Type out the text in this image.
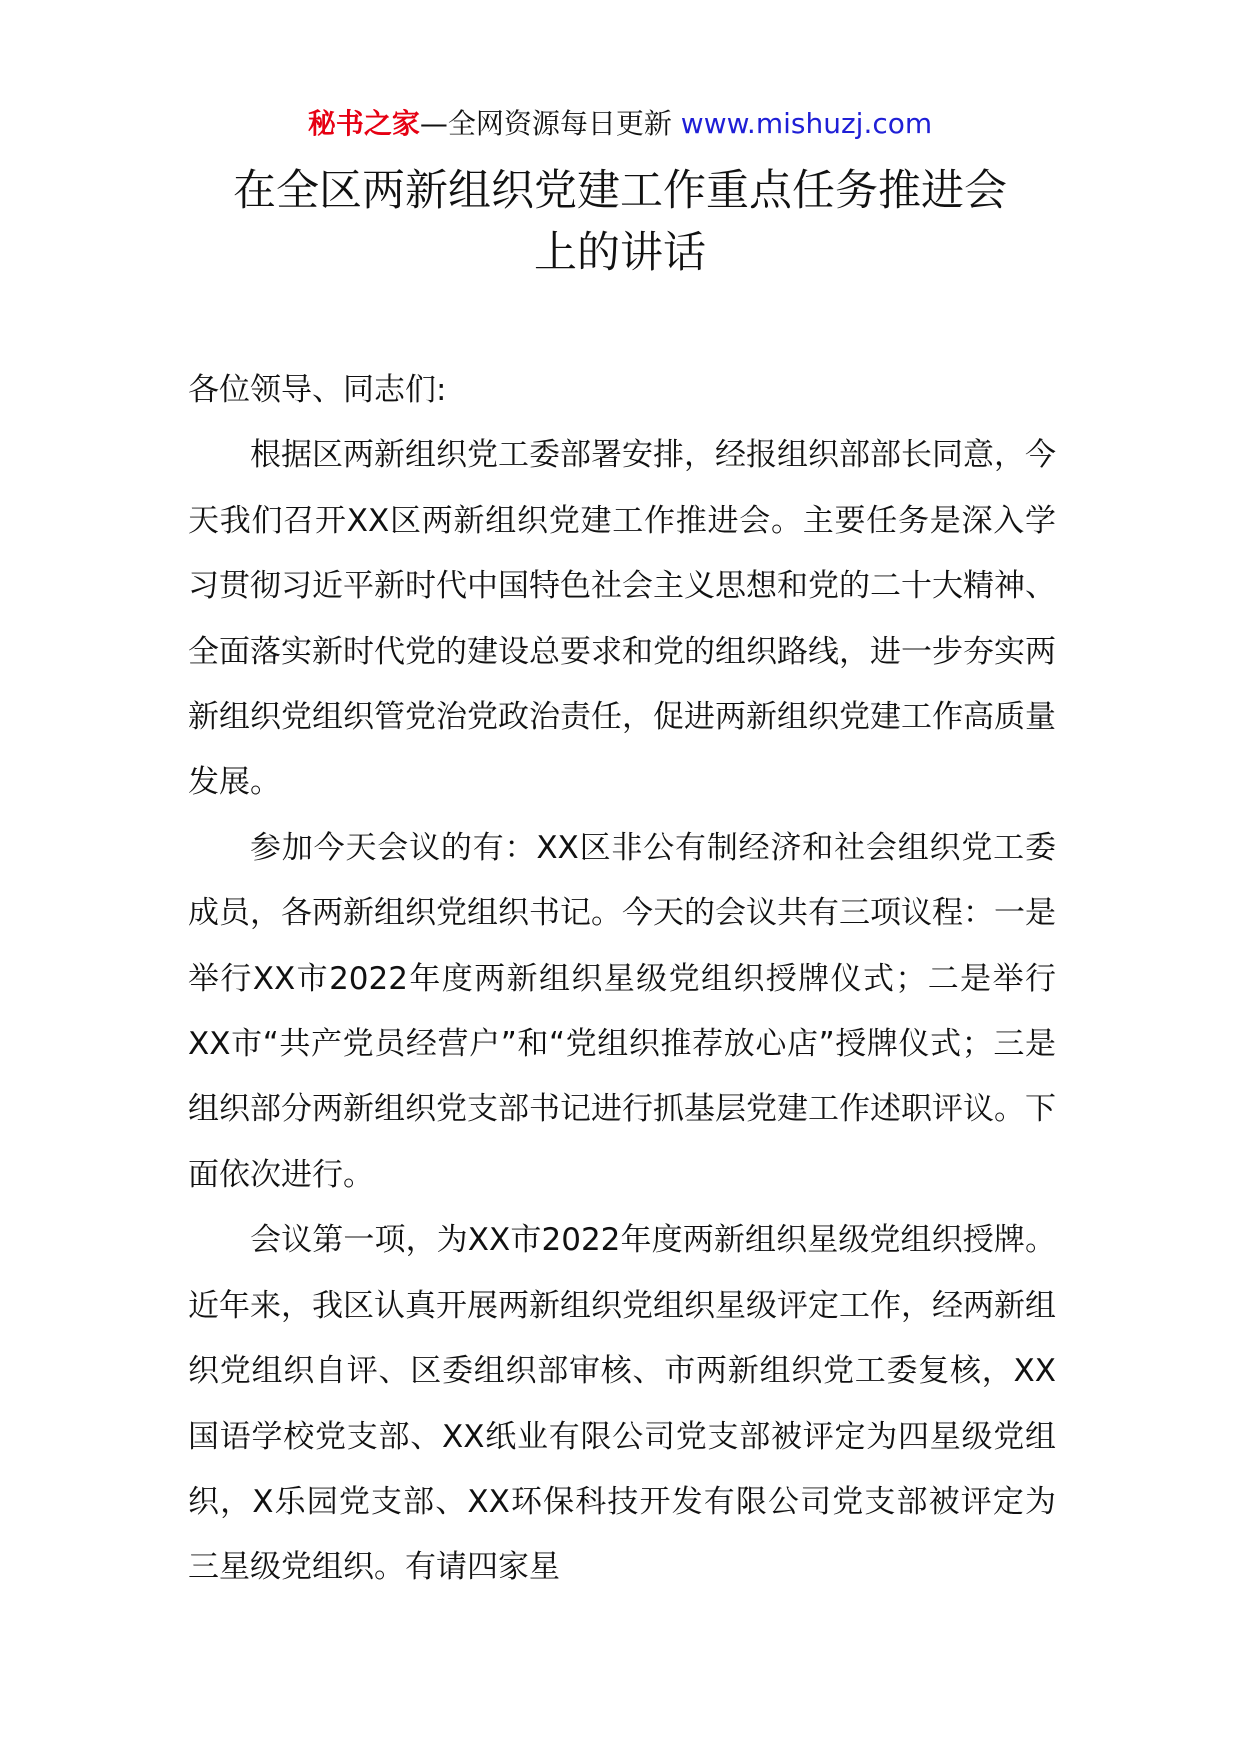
秘书之家—全网资源每日更新 www.mishuzj.com
在全区两新组织党建工作重点任务推进会
上的讲话

各位领导、同志们:

根据区两新组织党工委部署安排，经报组织部部长同意，今天我们召开XX区两新组织党建工作推进会。主要任务是深入学习贯彻习近平新时代中国特色社会主义思想和党的二十大精神、全面落实新时代党的建设总要求和党的组织路线，进一步夯实两新组织党组织管党治党政治责任，促进两新组织党建工作高质量发展。

参加今天会议的有：XX区非公有制经济和社会组织党工委成员，各两新组织党组织书记。今天的会议共有三项议程：一是举行XX市2022年度两新组织星级党组织授牌仪式；二是举行XX市“共产党员经营户”和“党组织推荐放心店”授牌仪式；三是组织部分两新组织党支部书记进行抓基层党建工作述职评议。下面依次进行。

会议第一项，为XX市2022年度两新组织星级党组织授牌。近年来，我区认真开展两新组织党组织星级评定工作，经两新组织党组织自评、区委组织部审核、市两新组织党工委复核，XX国语学校党支部、XX纸业有限公司党支部被评定为四星级党组织，X乐园党支部、XX环保科技开发有限公司党支部被评定为三星级党组织。有请四家星
